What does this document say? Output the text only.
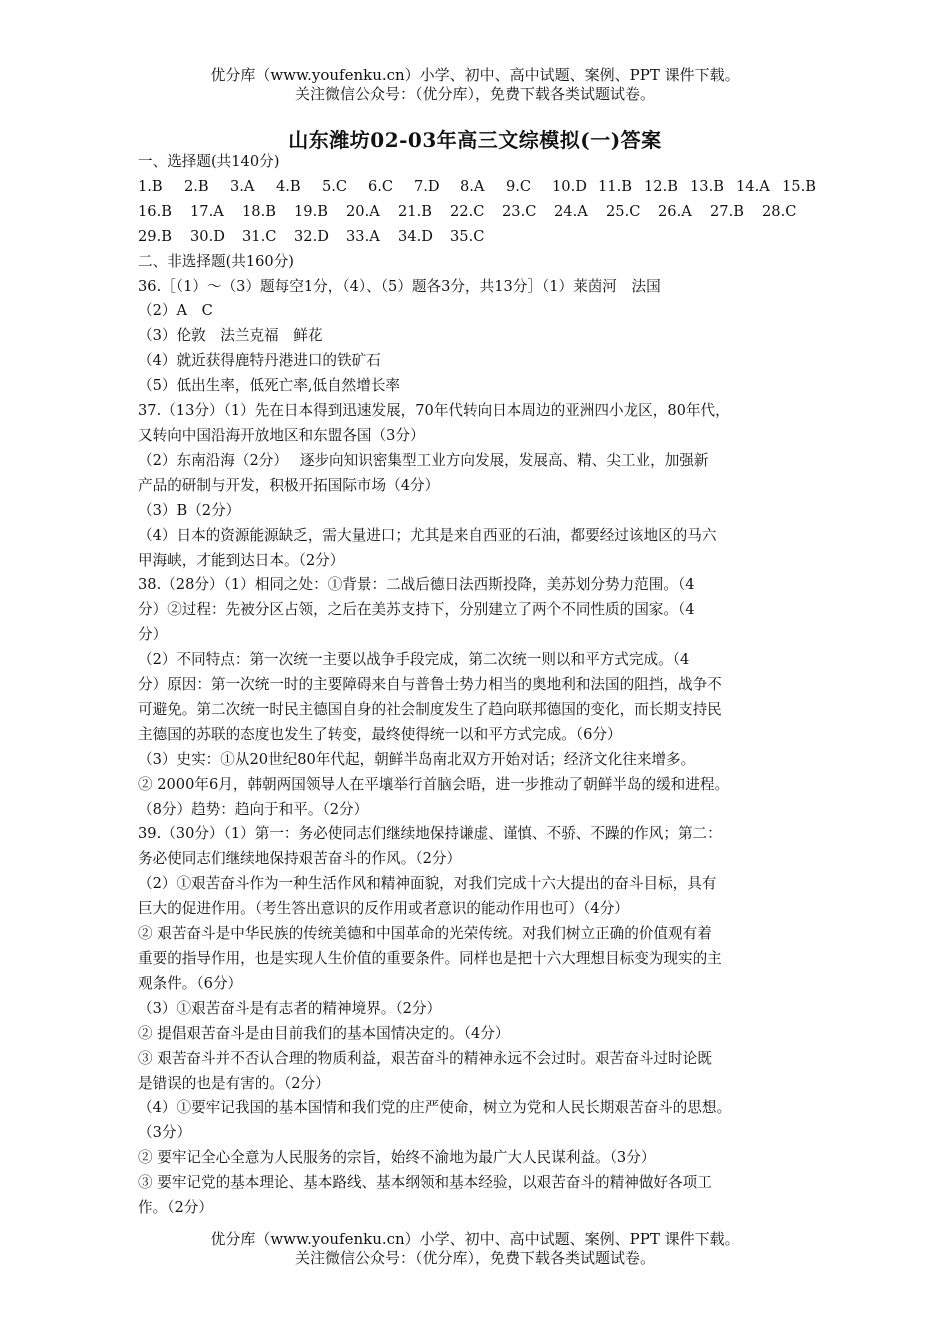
优分库（www.youfenku.cn）小学、初中、高中试题、案例、PPT 课件下载。
关注微信公众号：（优分库），免费下载各类试题试卷。
山东潍坊02-03年高三文综模拟(一)答案
一、选择题(共140分)
1.B	2.B	3.A	4.B	5.C	6.C	7.D	8.A	9.C	10.D 11.B 12.B 13.B 14.A 15.B
16.B	17.A	18.B	19.B	20.A	21.B	22.C	23.C	24.A	25.C	26.A	27.B	28.C
29.B	30.D	31.C	32.D	33.A	34.D	35.C
二、非选择题(共160分)
36.［（1）～（3）题每空1分，（4）、（5）题各3分，共13分］（1）莱茵河　法国
（2）A　C
（3）伦敦　法兰克福　鲜花
（4）就近获得鹿特丹港进口的铁矿石
（5）低出生率，低死亡率,低自然增长率
37.（13分）（1）先在日本得到迅速发展，70年代转向日本周边的亚洲四小龙区，80年代，
又转向中国沿海开放地区和东盟各国（3分）
（2）东南沿海（2分）　 逐步向知识密集型工业方向发展，发展高、精、尖工业，加强新
产品的研制与开发，积极开拓国际市场（4分）
（3）B（2分）
（4）日本的资源能源缺乏，需大量进口；尤其是来自西亚的石油，都要经过该地区的马六
甲海峡，才能到达日本。（2分）
38.（28分）（1）相同之处：①背景：二战后德日法西斯投降，美苏划分势力范围。（4
分）②过程：先被分区占领，之后在美苏支持下，分别建立了两个不同性质的国家。（4
分）
（2）不同特点：第一次统一主要以战争手段完成，第二次统一则以和平方式完成。（4
分）原因：第一次统一时的主要障碍来自与普鲁士势力相当的奥地利和法国的阻挡，战争不
可避免。第二次统一时民主德国自身的社会制度发生了趋向联邦德国的变化，而长期支持民
主德国的苏联的态度也发生了转变，最终使得统一以和平方式完成。（6分）
（3）史实：①从20世纪80年代起，朝鲜半岛南北双方开始对话；经济文化往来增多。
② 2000年6月，韩朝两国领导人在平壤举行首脑会晤，进一步推动了朝鲜半岛的缓和进程。
（8分）趋势：趋向于和平。（2分）
39.（30分）（1）第一：务必使同志们继续地保持谦虚、谨慎、不骄、不躁的作风；第二：
务必使同志们继续地保持艰苦奋斗的作风。（2分）
（2）①艰苦奋斗作为一种生活作风和精神面貌，对我们完成十六大提出的奋斗目标，具有
巨大的促进作用。（考生答出意识的反作用或者意识的能动作用也可）（4分）
② 艰苦奋斗是中华民族的传统美德和中国革命的光荣传统。对我们树立正确的价值观有着
重要的指导作用，也是实现人生价值的重要条件。同样也是把十六大理想目标变为现实的主
观条件。（6分）
（3）①艰苦奋斗是有志者的精神境界。（2分）
② 提倡艰苦奋斗是由目前我们的基本国情决定的。（4分）
③ 艰苦奋斗并不否认合理的物质利益，艰苦奋斗的精神永远不会过时。艰苦奋斗过时论既
是错误的也是有害的。（2分）
（4）①要牢记我国的基本国情和我们党的庄严使命，树立为党和人民长期艰苦奋斗的思想。
（3分）
② 要牢记全心全意为人民服务的宗旨，始终不渝地为最广大人民谋利益。（3分）
③ 要牢记党的基本理论、基本路线、基本纲领和基本经验，以艰苦奋斗的精神做好各项工
作。（2分）
优分库（www.youfenku.cn）小学、初中、高中试题、案例、PPT 课件下载。
关注微信公众号：（优分库），免费下载各类试题试卷。
